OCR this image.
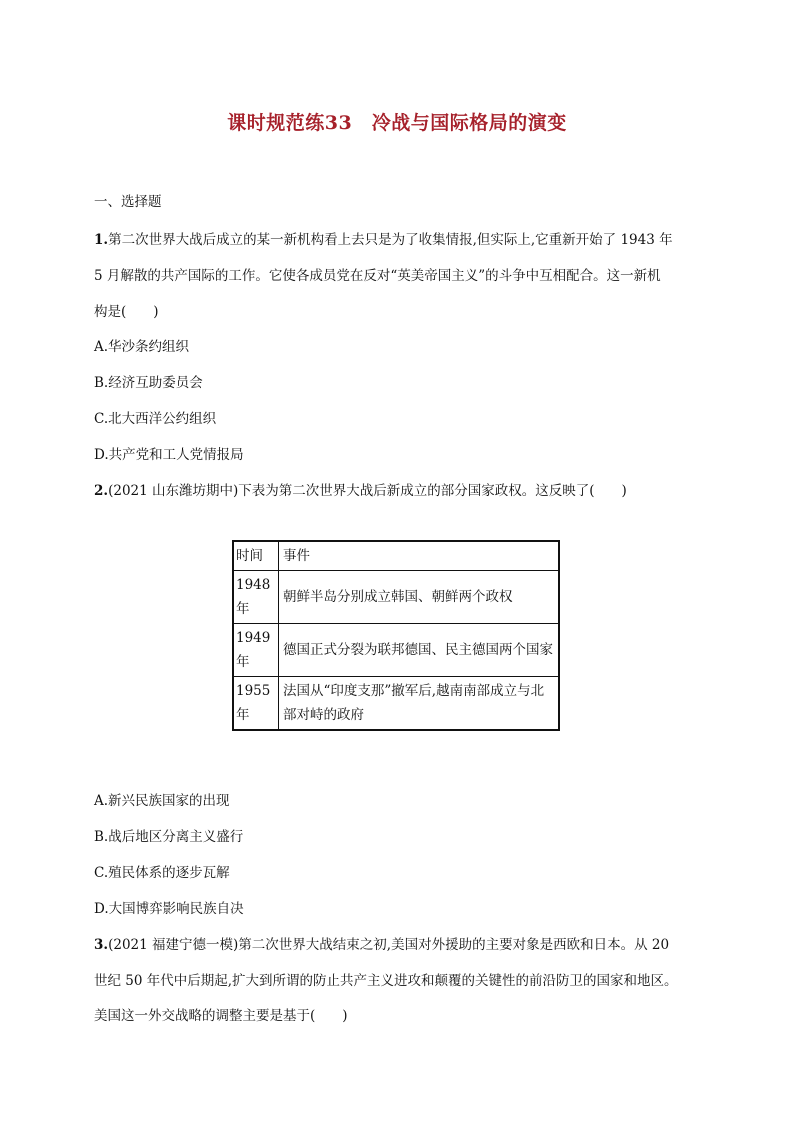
课时规范练33　冷战与国际格局的演变
一、选择题
1.第二次世界大战后成立的某一新机构看上去只是为了收集情报,但实际上,它重新开始了 1943 年
5 月解散的共产国际的工作。它使各成员党在反对“英美帝国主义”的斗争中互相配合。这一新机
构是(　　)
A.华沙条约组织
B.经济互助委员会
C.北大西洋公约组织
D.共产党和工人党情报局
2.(2021 山东潍坊期中)下表为第二次世界大战后新成立的部分国家政权。这反映了(　　)
时间	事件
1948年	朝鲜半岛分别成立韩国、朝鲜两个政权
1949年	德国正式分裂为联邦德国、民主德国两个国家
1955年	法国从“印度支那”撤军后,越南南部成立与北部对峙的政府
A.新兴民族国家的出现
B.战后地区分离主义盛行
C.殖民体系的逐步瓦解
D.大国博弈影响民族自决
3.(2021 福建宁德一模)第二次世界大战结束之初,美国对外援助的主要对象是西欧和日本。从 20
世纪 50 年代中后期起,扩大到所谓的防止共产主义进攻和颠覆的关键性的前沿防卫的国家和地区。
美国这一外交战略的调整主要是基于(　　)
